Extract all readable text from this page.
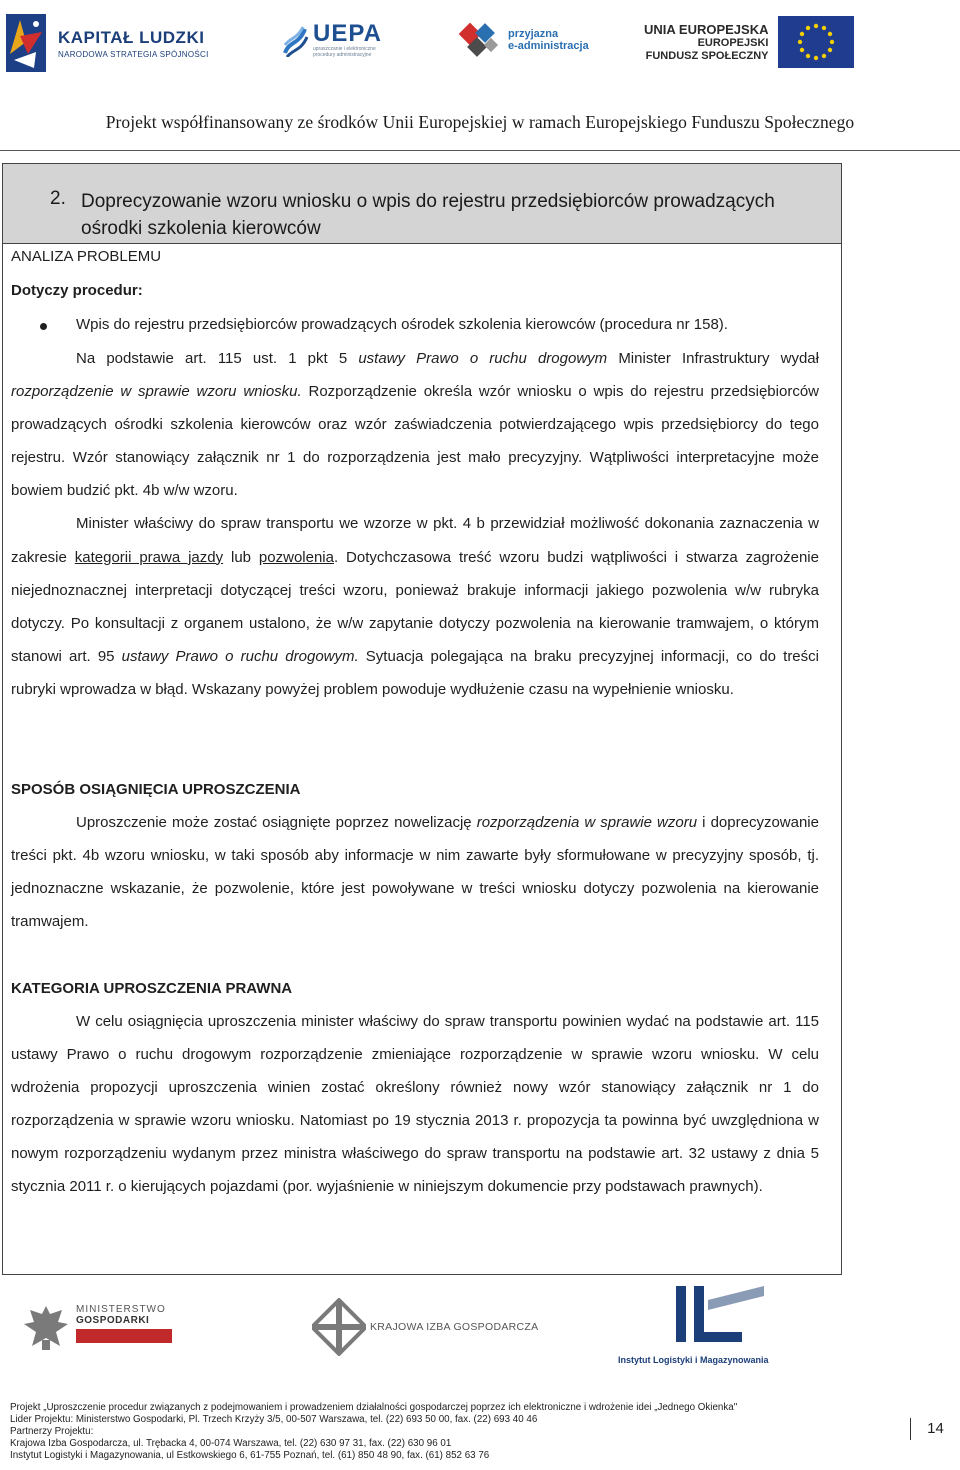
KAPITAŁ LUDZKI
NARODOWA STRATEGIA SPÓJNOŚCI
UEPA
upraszczanie i elektroniczne procedury administracyjne
przyjazna
e-administracja
UNIA EUROPEJSKA
EUROPEJSKI
FUNDUSZ SPOŁECZNY
Projekt współfinansowany ze środków Unii Europejskiej w ramach Europejskiego Funduszu Społecznego
2. Doprecyzowanie wzoru wniosku o wpis do rejestru przedsiębiorców prowadzących ośrodki szkolenia kierowców
ANALIZA PROBLEMU
Dotyczy procedur:
Wpis do rejestru przedsiębiorców prowadzących ośrodek szkolenia kierowców (procedura nr 158).

Na podstawie art. 115 ust. 1 pkt 5 ustawy Prawo o ruchu drogowym Minister Infrastruktury wydał rozporządzenie w sprawie wzoru wniosku. Rozporządzenie określa wzór wniosku o wpis do rejestru przedsiębiorców prowadzących ośrodki szkolenia kierowców oraz wzór zaświadczenia potwierdzającego wpis przedsiębiorcy do tego rejestru. Wzór stanowiący załącznik nr 1 do rozporządzenia jest mało precyzyjny. Wątpliwości interpretacyjne może bowiem budzić pkt. 4b w/w wzoru.

Minister właściwy do spraw transportu we wzorze w pkt. 4 b przewidział możliwość dokonania zaznaczenia w zakresie kategorii prawa jazdy lub pozwolenia. Dotychczasowa treść wzoru budzi wątpliwości i stwarza zagrożenie niejednoznacznej interpretacji dotyczącej treści wzoru, ponieważ brakuje informacji jakiego pozwolenia w/w rubryka dotyczy. Po konsultacji z organem ustalono, że w/w zapytanie dotyczy pozwolenia na kierowanie tramwajem, o którym stanowi art. 95 ustawy Prawo o ruchu drogowym. Sytuacja polegająca na braku precyzyjnej informacji, co do treści rubryki wprowadza w błąd. Wskazany powyżej problem powoduje wydłużenie czasu na wypełnienie wniosku.

SPOSÓB OSIĄGNIĘCIA UPROSZCZENIA

Uproszczenie może zostać osiągnięte poprzez nowelizację rozporządzenia w sprawie wzoru i doprecyzowanie treści pkt. 4b wzoru wniosku, w taki sposób aby informacje w nim zawarte były sformułowane w precyzyjny sposób, tj. jednoznaczne wskazanie, że pozwolenie, które jest powoływane w treści wniosku dotyczy pozwolenia na kierowanie tramwajem.

KATEGORIA UPROSZCZENIA PRAWNA

W celu osiągnięcia uproszczenia minister właściwy do spraw transportu powinien wydać na podstawie art. 115 ustawy Prawo o ruchu drogowym rozporządzenie zmieniające rozporządzenie w sprawie wzoru wniosku. W celu wdrożenia propozycji uproszczenia winien zostać określony również nowy wzór stanowiący załącznik nr 1 do rozporządzenia w sprawie wzoru wniosku. Natomiast po 19 stycznia 2013 r. propozycja ta powinna być uwzględniona w nowym rozporządzeniu wydanym przez ministra właściwego do spraw transportu na podstawie art. 32 ustawy z dnia 5 stycznia 2011 r. o kierujących pojazdami (por. wyjaśnienie w niniejszym dokumencie przy podstawach prawnych).

MINISTERSTWO
GOSPODARKI
KRAJOWA IZBA GOSPODARCZA
Instytut Logistyki i Magazynowania
Projekt „Uproszczenie procedur związanych z podejmowaniem i prowadzeniem działalności gospodarczej poprzez ich elektroniczne i wdrożenie idei „Jednego Okienka"
Lider Projektu: Ministerstwo Gospodarki, Pl. Trzech Krzyży 3/5, 00-507 Warszawa, tel. (22) 693 50 00, fax. (22) 693 40 46
Partnerzy Projektu:
Krajowa Izba Gospodarcza, ul. Trębacka 4, 00-074 Warszawa, tel. (22) 630 97 31, fax. (22) 630 96 01
Instytut Logistyki i Magazynowania, ul Estkowskiego 6, 61-755 Poznań, tel. (61) 850 48 90, fax. (61) 852 63 76
14
